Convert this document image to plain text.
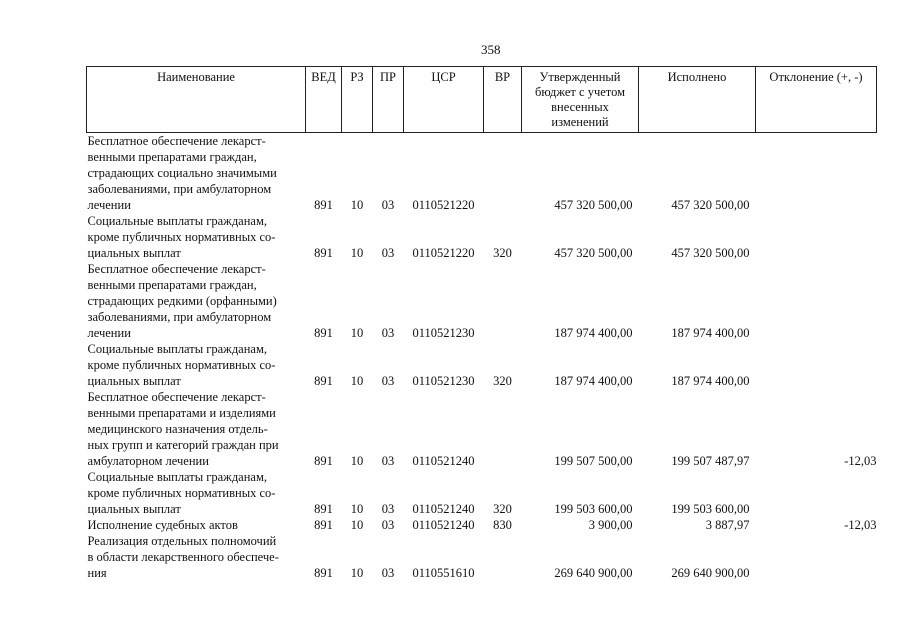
358
Наименование	ВЕД	РЗ	ПР	ЦСР	ВР	Утвержденный бюджет с учетом внесенных изменений	Исполнено	Отклонение (+, -)
Бесплатное обеспечение лекарст-
венными препаратами граждан,
страдающих социально значимыми
заболеваниями, при амбулаторном
лечении	891	10	03	0110521220		457 320 500,00	457 320 500,00	
Социальные выплаты гражданам,
кроме публичных нормативных со-
циальных выплат	891	10	03	0110521220	320	457 320 500,00	457 320 500,00	
Бесплатное обеспечение лекарст-
венными препаратами граждан,
страдающих редкими (орфанными)
заболеваниями, при амбулаторном
лечении	891	10	03	0110521230		187 974 400,00	187 974 400,00	
Социальные выплаты гражданам,
кроме публичных нормативных со-
циальных выплат	891	10	03	0110521230	320	187 974 400,00	187 974 400,00	
Бесплатное обеспечение лекарст-
венными препаратами и изделиями
медицинского назначения отдель-
ных групп и категорий граждан при
амбулаторном лечении	891	10	03	0110521240		199 507 500,00	199 507 487,97	-12,03
Социальные выплаты гражданам,
кроме публичных нормативных со-
циальных выплат	891	10	03	0110521240	320	199 503 600,00	199 503 600,00	
Исполнение судебных актов	891	10	03	0110521240	830	3 900,00	3 887,97	-12,03
Реализация отдельных полномочий
в области лекарственного обеспече-
ния	891	10	03	0110551610		269 640 900,00	269 640 900,00	
